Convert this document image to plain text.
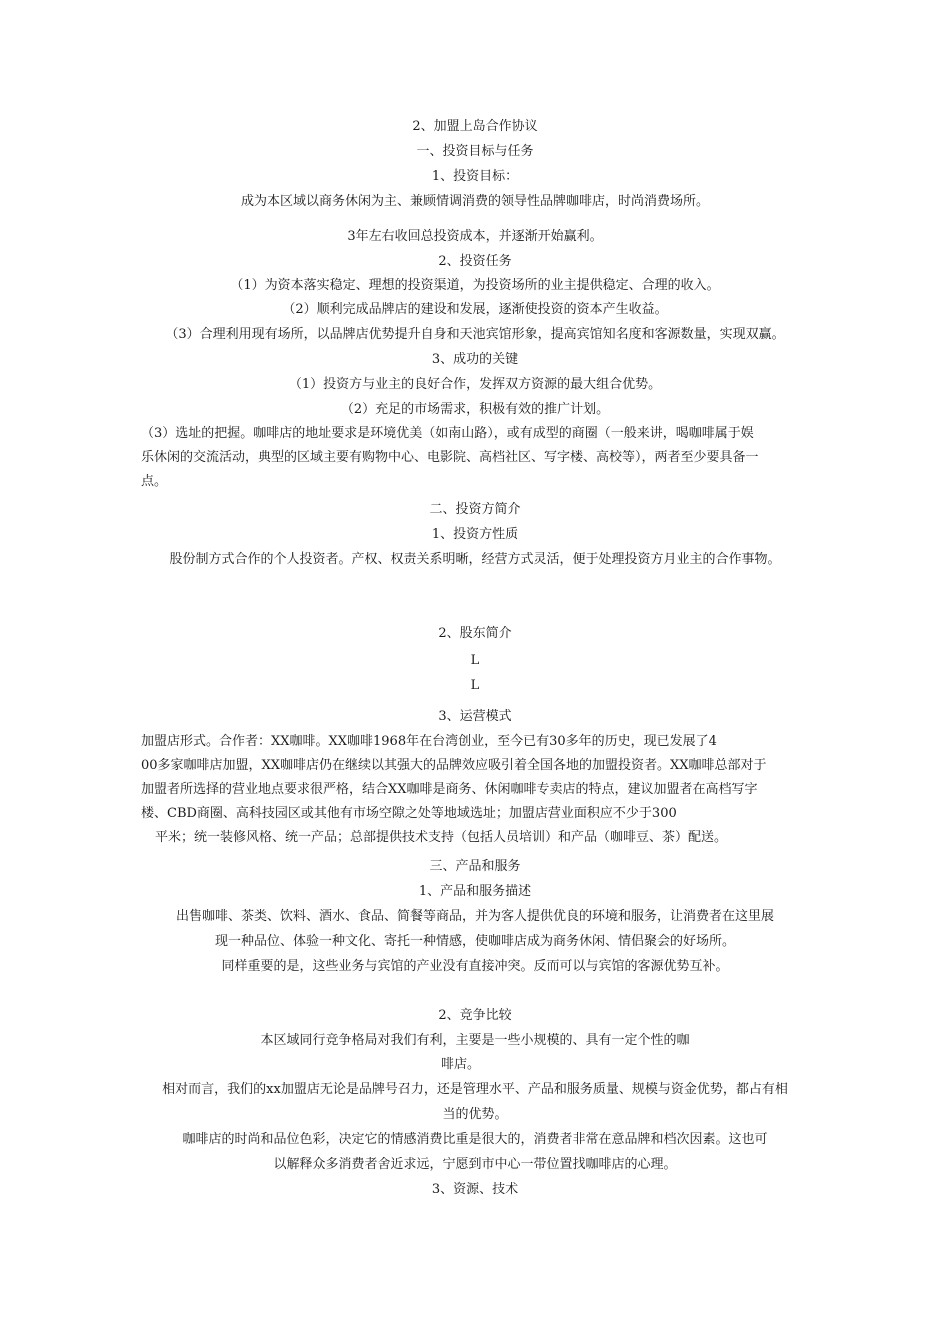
2、加盟上岛合作协议
一、投资目标与任务
1、投资目标：
成为本区域以商务休闲为主、兼顾情调消费的领导性品牌咖啡店，时尚消费场所。
3年左右收回总投资成本，并逐渐开始赢利。
2、投资任务
（1）为资本落实稳定、理想的投资渠道，为投资场所的业主提供稳定、合理的收入。
（2）顺利完成品牌店的建设和发展，逐渐使投资的资本产生收益。
（3）合理利用现有场所，以品牌店优势提升自身和天池宾馆形象，提高宾馆知名度和客源数量，实现双赢。
3、成功的关键
（1）投资方与业主的良好合作，发挥双方资源的最大组合优势。
（2）充足的市场需求，积极有效的推广计划。
（3）选址的把握。咖啡店的地址要求是环境优美（如南山路），或有成型的商圈（一般来讲，喝咖啡属于娱
乐休闲的交流活动，典型的区域主要有购物中心、电影院、高档社区、写字楼、高校等），两者至少要具备一
点。
二、投资方简介
1、投资方性质
股份制方式合作的个人投资者。产权、权责关系明晰，经营方式灵活，便于处理投资方月业主的合作事物。
2、股东简介
L
L
3、运营模式
加盟店形式。合作者：XX咖啡。XX咖啡1968年在台湾创业，至今已有30多年的历史，现已发展了4
00多家咖啡店加盟，XX咖啡店仍在继续以其强大的品牌效应吸引着全国各地的加盟投资者。XX咖啡总部对于
加盟者所选择的营业地点要求很严格，结合XX咖啡是商务、休闲咖啡专卖店的特点，建议加盟者在高档写字
楼、CBD商圈、高科技园区或其他有市场空隙之处等地域选址；加盟店营业面积应不少于300
平米；统一装修风格、统一产品；总部提供技术支持（包括人员培训）和产品（咖啡豆、茶）配送。
三、产品和服务
1、产品和服务描述
出售咖啡、茶类、饮料、酒水、食品、简餐等商品，并为客人提供优良的环境和服务，让消费者在这里展
现一种品位、体验一种文化、寄托一种情感，使咖啡店成为商务休闲、情侣聚会的好场所。
同样重要的是，这些业务与宾馆的产业没有直接冲突。反而可以与宾馆的客源优势互补。
2、竞争比较
本区域同行竞争格局对我们有利，主要是一些小规模的、具有一定个性的咖
啡店。
相对而言，我们的xx加盟店无论是品牌号召力，还是管理水平、产品和服务质量、规模与资金优势，都占有相
当的优势。
咖啡店的时尚和品位色彩，决定它的情感消费比重是很大的，消费者非常在意品牌和档次因素。这也可
以解释众多消费者舍近求远，宁愿到市中心一带位置找咖啡店的心理。
3、资源、技术
